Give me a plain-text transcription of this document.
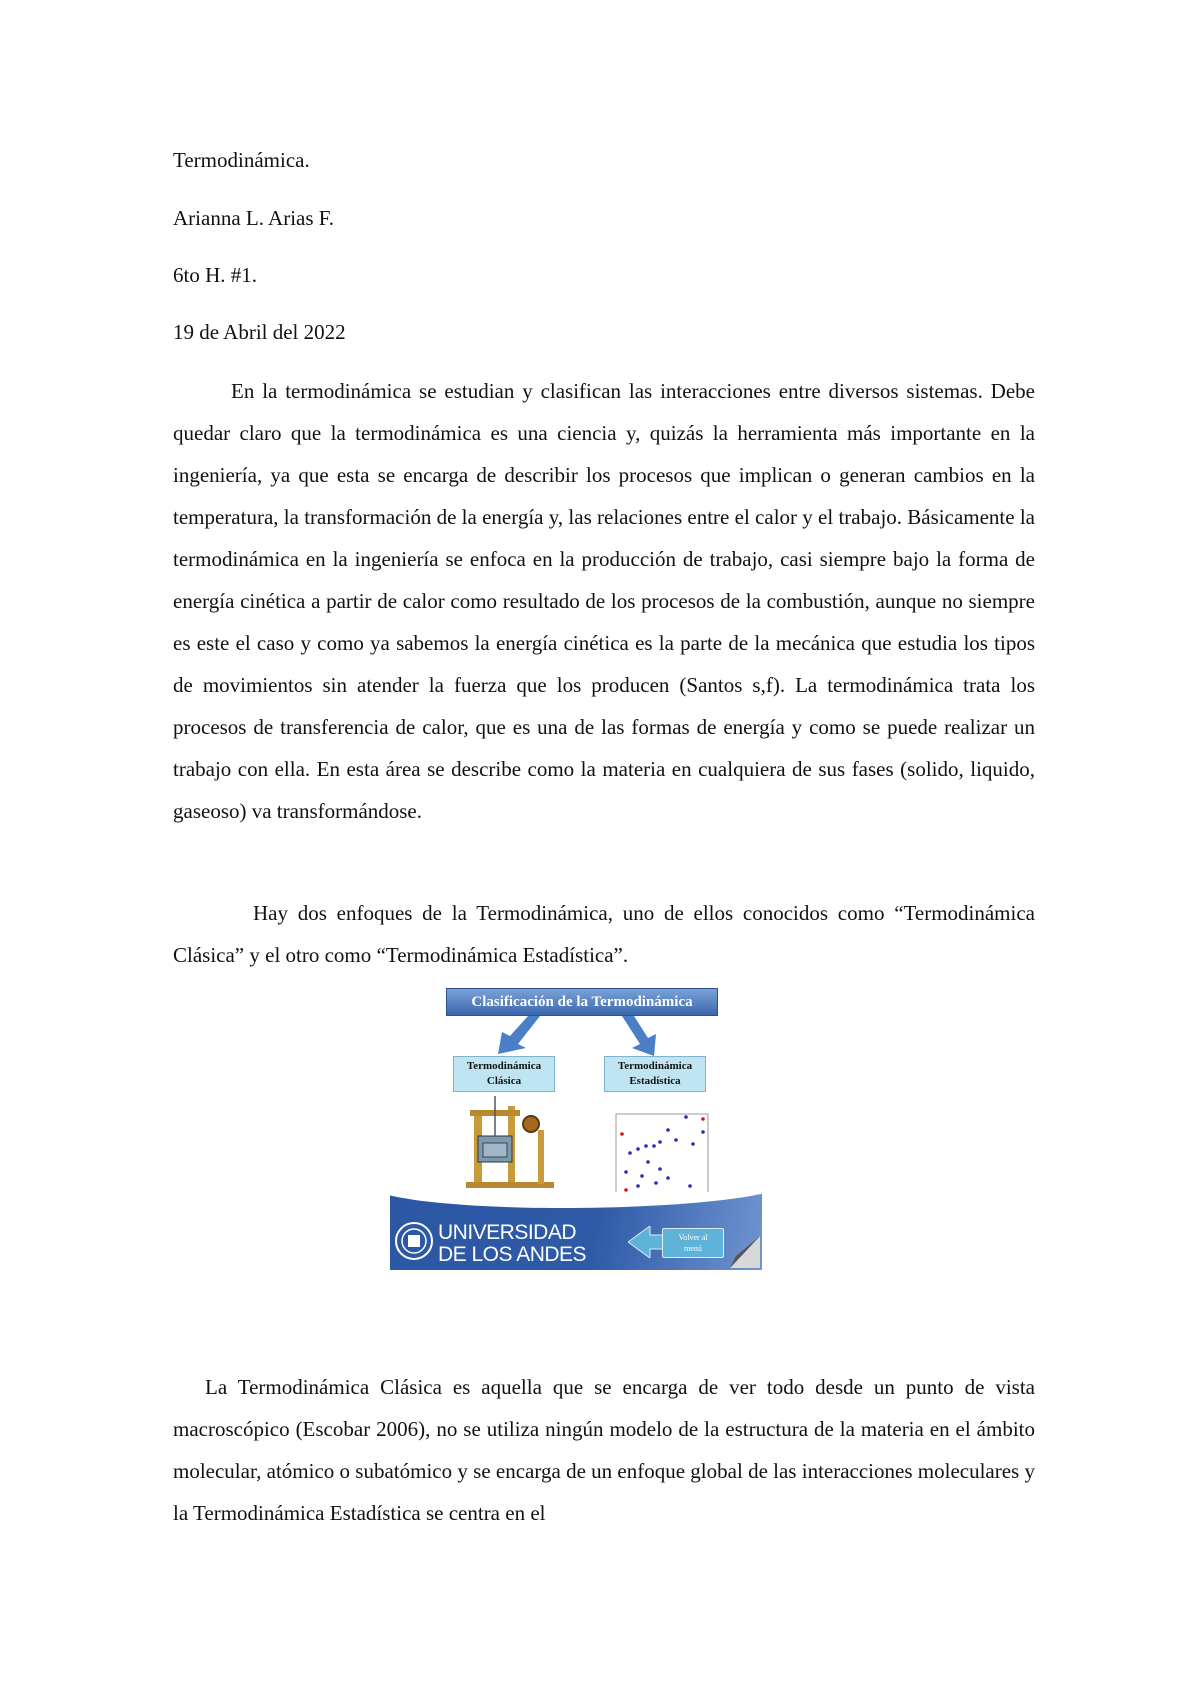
Termodinámica.
Arianna L. Arias F.
6to H. #1.
19 de Abril del 2022

En la termodinámica se estudian y clasifican las interacciones entre diversos sistemas. Debe quedar claro que la termodinámica es una ciencia y, quizás la herramienta más importante en la ingeniería, ya que esta se encarga de describir los procesos que implican o generan cambios en la temperatura, la transformación de la energía y, las relaciones entre el calor y el trabajo. Básicamente la termodinámica en la ingeniería se enfoca en la producción de trabajo, casi siempre bajo la forma de energía cinética a partir de calor como resultado de los procesos de la combustión, aunque no siempre es este el caso y como ya sabemos la energía cinética es la parte de la mecánica que estudia los tipos de movimientos sin atender la fuerza que los producen (Santos s,f). La termodinámica trata los procesos de transferencia de calor, que es una de las formas de energía y como se puede realizar un trabajo con ella. En esta área se describe como la materia en cualquiera de sus fases (solido, liquido, gaseoso) va transformándose.

Hay dos enfoques de la Termodinámica, uno de ellos conocidos como “Termodinámica Clásica” y el otro como “Termodinámica Estadística”.

Clasificación de la Termodinámica
Termodinámica
Clásica
Termodinámica
Estadística
UNIVERSIDAD
DE LOS ANDES
Volver al
menú

La Termodinámica Clásica es aquella que se encarga de ver todo desde un punto de vista macroscópico (Escobar 2006), no se utiliza ningún modelo de la estructura de la materia en el ámbito molecular, atómico o subatómico y se encarga de un enfoque global de las interacciones moleculares y la Termodinámica Estadística se centra en el
